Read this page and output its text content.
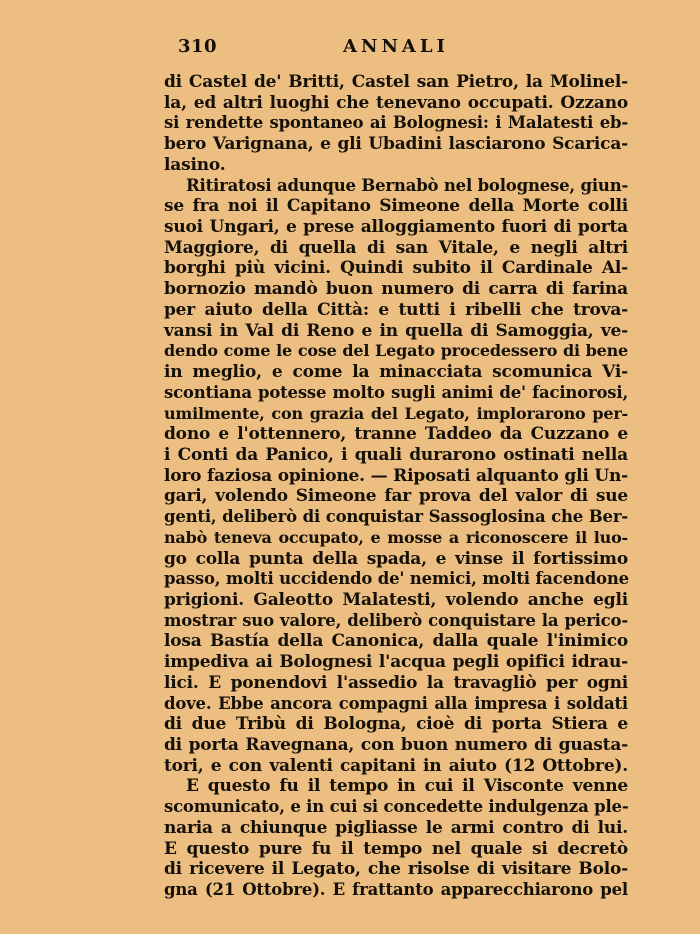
310	ANNALI
di Castel de' Britti, Castel san Pietro, la Molinel-
la, ed altri luoghi che tenevano occupati. Ozzano
si rendette spontaneo ai Bolognesi: i Malatesti eb-
bero Varignana, e gli Ubadini lasciarono Scarica-
lasino.
Ritiratosi adunque Bernabò nel bolognese, giun-
se fra noi il Capitano Simeone della Morte colli
suoi Ungari, e prese alloggiamento fuori di porta
Maggiore, di quella di san Vitale, e negli altri
borghi più vicini. Quindi subito il Cardinale Al-
bornozio mandò buon numero di carra di farina
per aiuto della Città: e tutti i ribelli che trova-
vansi in Val di Reno e in quella di Samoggia, ve-
dendo come le cose del Legato procedessero di bene
in meglio, e come la minacciata scomunica Vi-
scontiana potesse molto sugli animi de' facinorosi,
umilmente, con grazia del Legato, implorarono per-
dono e l'ottennero, tranne Taddeo da Cuzzano e
i Conti da Panico, i quali durarono ostinati nella
loro faziosa opinione. — Riposati alquanto gli Un-
gari, volendo Simeone far prova del valor di sue
genti, deliberò di conquistar Sassoglosina che Ber-
nabò teneva occupato, e mosse a riconoscere il luo-
go colla punta della spada, e vinse il fortissimo
passo, molti uccidendo de' nemici, molti facendone
prigioni. Galeotto Malatesti, volendo anche egli
mostrar suo valore, deliberò conquistare la perico-
losa Bastía della Canonica, dalla quale l'inimico
impediva ai Bolognesi l'acqua pegli opifici idrau-
lici. E ponendovi l'assedio la travagliò per ogni
dove. Ebbe ancora compagni alla impresa i soldati
di due Tribù di Bologna, cioè di porta Stiera e
di porta Ravegnana, con buon numero di guasta-
tori, e con valenti capitani in aiuto (12 Ottobre).
E questo fu il tempo in cui il Visconte venne
scomunicato, e in cui si concedette indulgenza ple-
naria a chiunque pigliasse le armi contro di lui.
E questo pure fu il tempo nel quale si decretò
di ricevere il Legato, che risolse di visitare Bolo-
gna (21 Ottobre). E frattanto apparecchiarono pel
